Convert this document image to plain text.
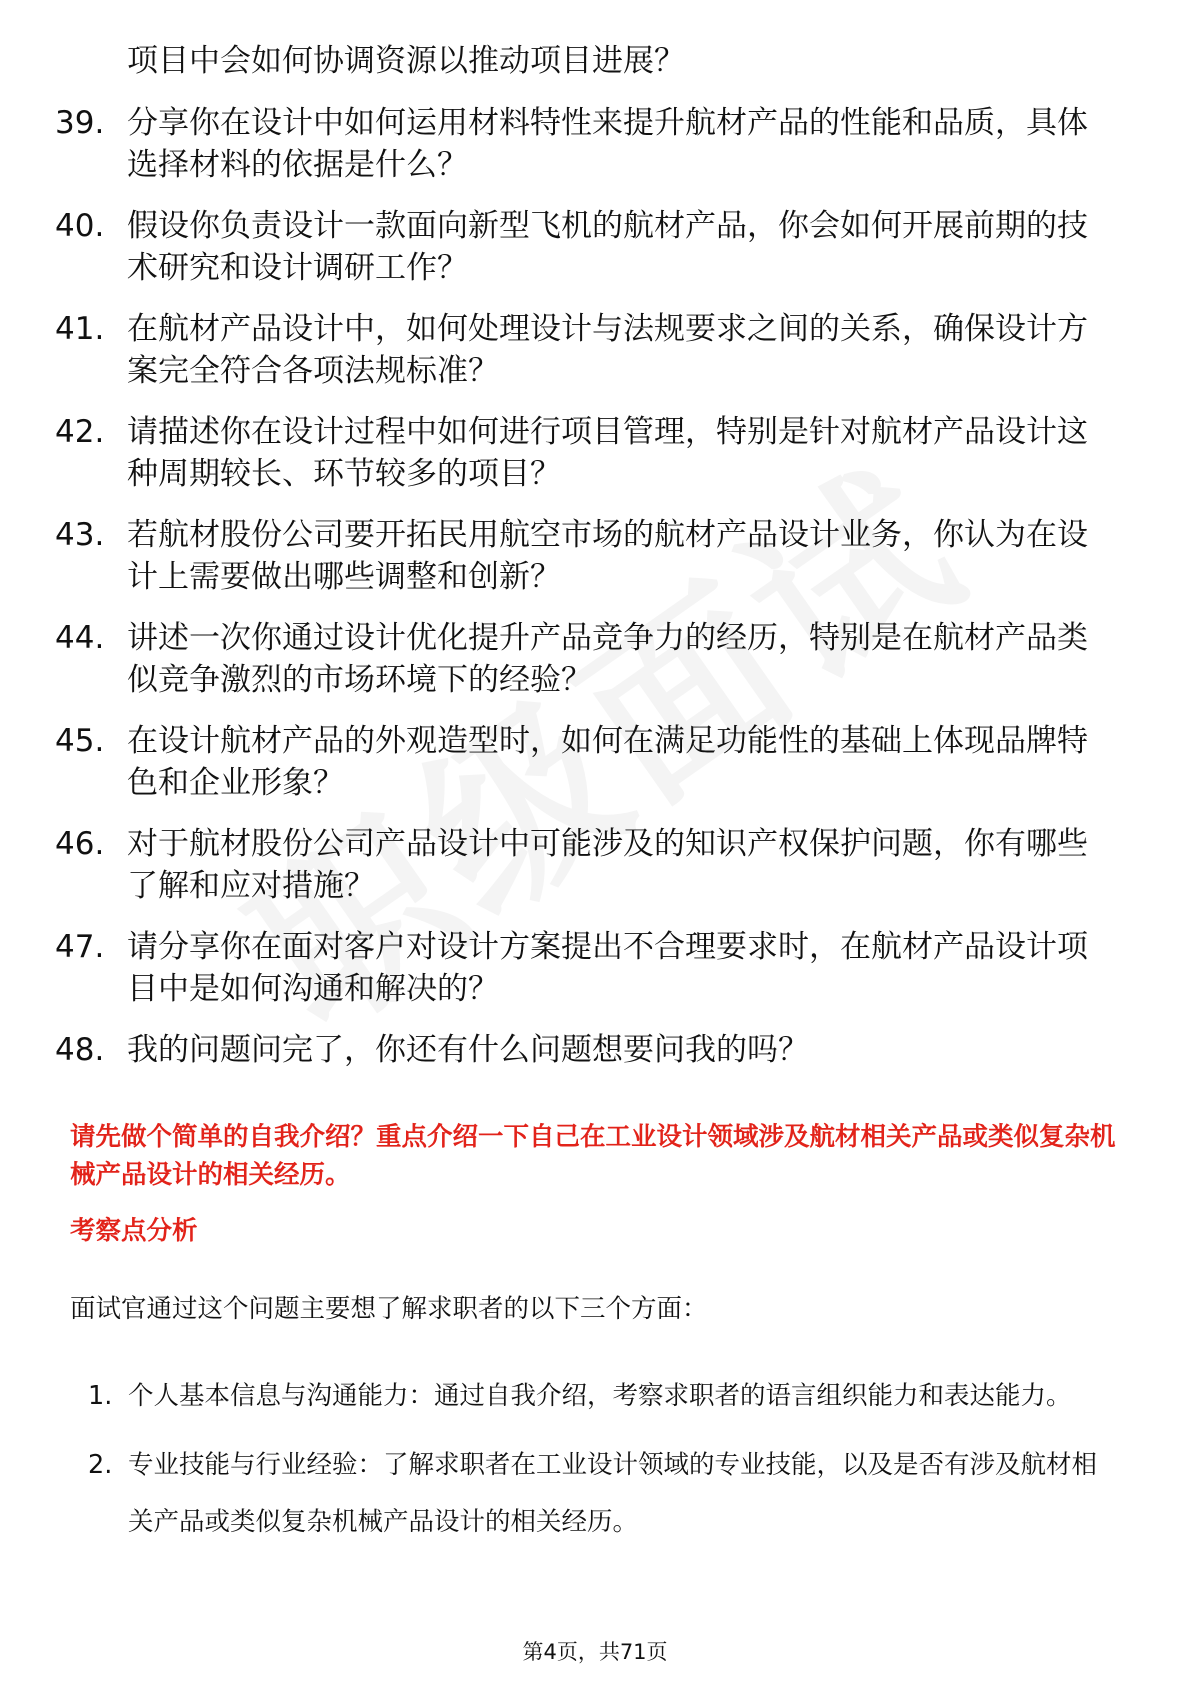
项目中会如何协调资源以推动项目进展？
39. 分享你在设计中如何运用材料特性来提升航材产品的性能和品质，具体选择材料的依据是什么？
40. 假设你负责设计一款面向新型飞机的航材产品，你会如何开展前期的技术研究和设计调研工作？
41. 在航材产品设计中，如何处理设计与法规要求之间的关系，确保设计方案完全符合各项法规标准？
42. 请描述你在设计过程中如何进行项目管理，特别是针对航材产品设计这种周期较长、环节较多的项目？
43. 若航材股份公司要开拓民用航空市场的航材产品设计业务，你认为在设计上需要做出哪些调整和创新？
44. 讲述一次你通过设计优化提升产品竞争力的经历，特别是在航材产品类似竞争激烈的市场环境下的经验？
45. 在设计航材产品的外观造型时，如何在满足功能性的基础上体现品牌特色和企业形象？
46. 对于航材股份公司产品设计中可能涉及的知识产权保护问题，你有哪些了解和应对措施？
47. 请分享你在面对客户对设计方案提出不合理要求时，在航材产品设计项目中是如何沟通和解决的？
48. 我的问题问完了，你还有什么问题想要问我的吗？

请先做个简单的自我介绍？重点介绍一下自己在工业设计领域涉及航材相关产品或类似复杂机械产品设计的相关经历。

考察点分析

面试官通过这个问题主要想了解求职者的以下三个方面：

1. 个人基本信息与沟通能力：通过自我介绍，考察求职者的语言组织能力和表达能力。
2. 专业技能与行业经验：了解求职者在工业设计领域的专业技能，以及是否有涉及航材相关产品或类似复杂机械产品设计的相关经历。

第4页，共71页
